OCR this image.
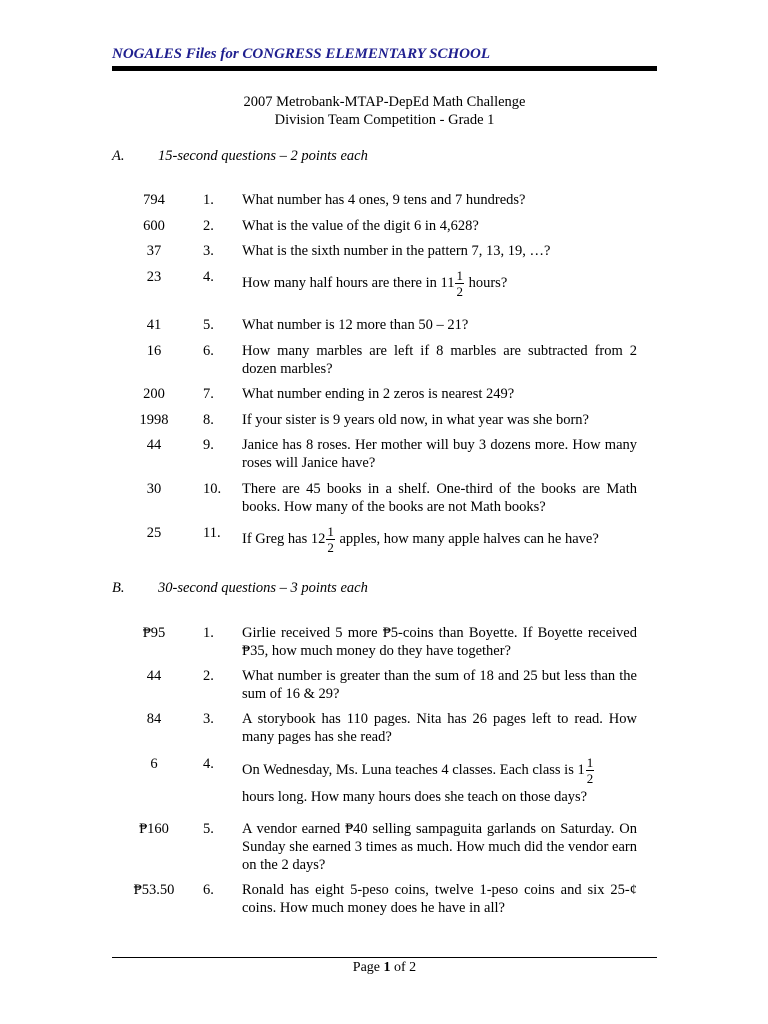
NOGALES Files for CONGRESS ELEMENTARY SCHOOL
2007 Metrobank-MTAP-DepEd Math Challenge
Division Team Competition - Grade 1
A. 15-second questions – 2 points each
794	1.	What number has 4 ones, 9 tens and 7 hundreds?
600	2.	What is the value of the digit 6 in 4,628?
37	3.	What is the sixth number in the pattern 7, 13, 19, …?
23	4.	How many half hours are there in $11 \frac{1}{2}$ hours?
41	5.	What number is 12 more than 50 – 21?
16	6.	How many marbles are left if 8 marbles are subtracted from 2 dozen marbles?
200	7.	What number ending in 2 zeros is nearest 249?
1998	8.	If your sister is 9 years old now, in what year was she born?
44	9.	Janice has 8 roses. Her mother will buy 3 dozens more. How many roses will Janice have?
30	10.	There are 45 books in a shelf. One-third of the books are Math books. How many of the books are not Math books?
25	11.	If Greg has $12 \frac{1}{2}$ apples, how many apple halves can he have?
B. 30-second questions – 3 points each
₱95	1.	Girlie received 5 more ₱5-coins than Boyette. If Boyette received ₱35, how much money do they have together?
44	2.	What number is greater than the sum of 18 and 25 but less than the sum of 16 & 29?
84	3.	A storybook has 110 pages. Nita has 26 pages left to read. How many pages has she read?
6	4.	On Wednesday, Ms. Luna teaches 4 classes. Each class is $1 \frac{1}{2}$

hours long. How many hours does she teach on those days?
₱160	5.	A vendor earned ₱40 selling sampaguita garlands on Saturday. On Sunday she earned 3 times as much. How much did the vendor earn on the 2 days?
₱53.50	6.	Ronald has eight 5-peso coins, twelve 1-peso coins and six 25-¢ coins. How much money does he have in all?
Page 1 of 2
